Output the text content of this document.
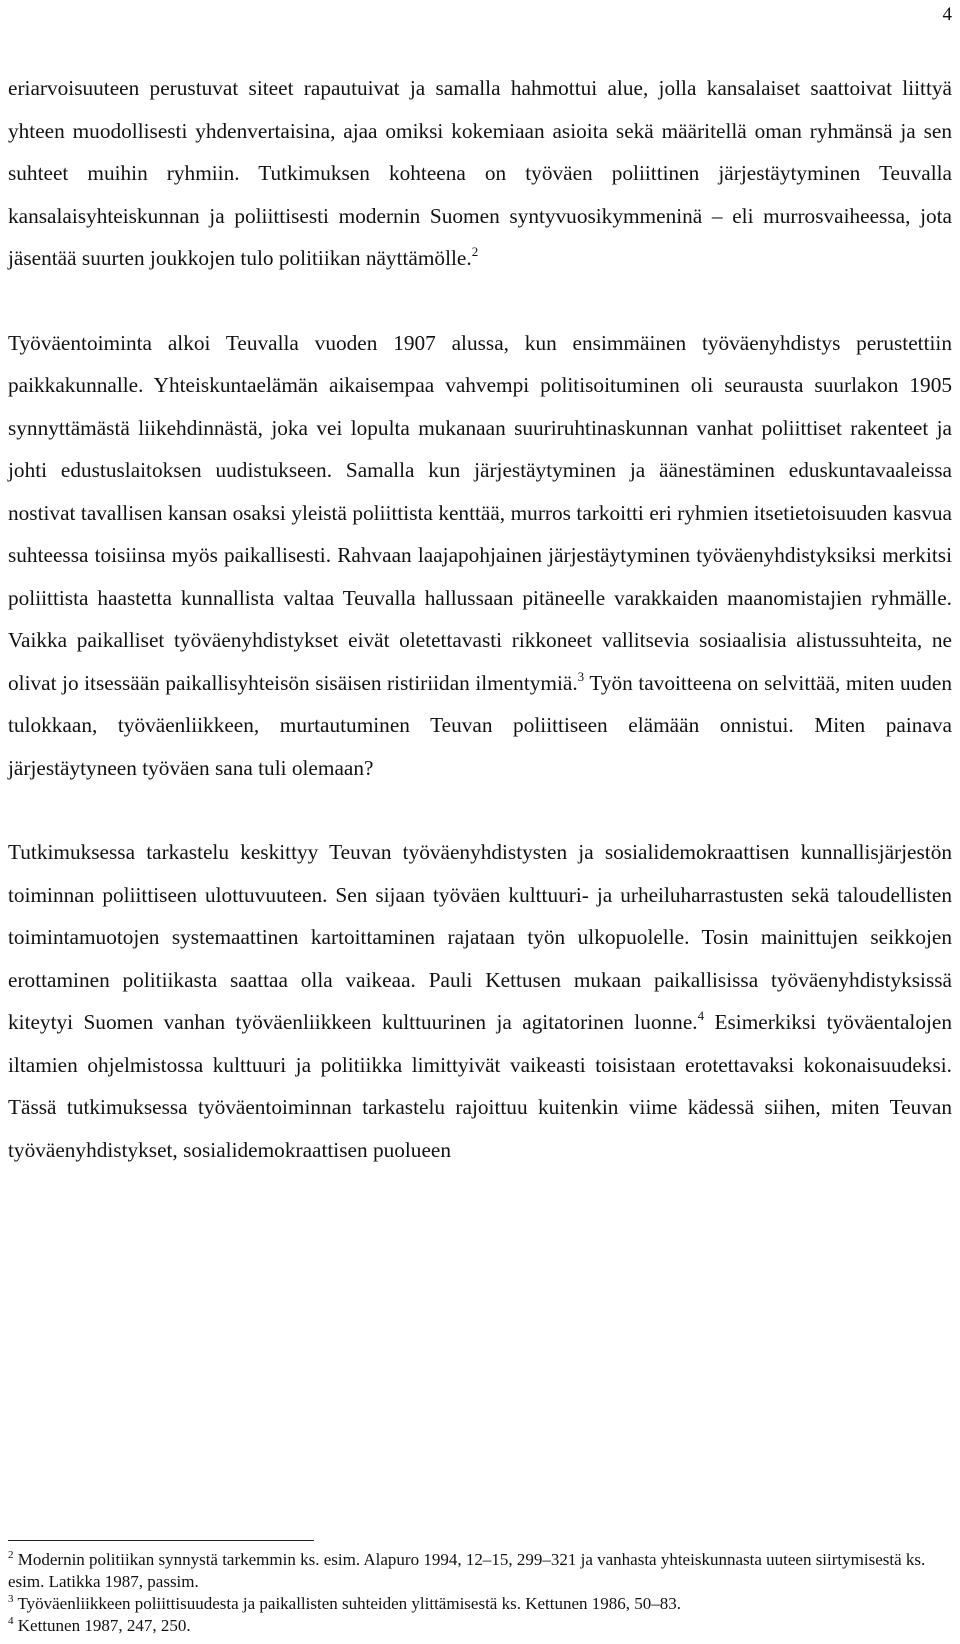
4

eriarvoisuuteen perustuvat siteet rapautuivat ja samalla hahmottui alue, jolla kansalaiset saattoivat liittyä yhteen muodollisesti yhdenvertaisina, ajaa omiksi kokemiaan asioita sekä määritellä oman ryhmänsä ja sen suhteet muihin ryhmiin. Tutkimuksen kohteena on työväen poliittinen järjestäytyminen Teuvalla kansalaisyhteiskunnan ja poliittisesti modernin Suomen syntyvuosikymmeninä – eli murrosvaiheessa, jota jäsentää suurten joukkojen tulo politiikan näyttämölle.$^2$

Työväentoiminta alkoi Teuvalla vuoden 1907 alussa, kun ensimmäinen työväenyhdistys perustettiin paikkakunnalle. Yhteiskuntaelämän aikaisempaa vahvempi politisoituminen oli seurausta suurlakon 1905 synnyttämästä liikehdinnästä, joka vei lopulta mukanaan suuriruhtinaskunnan vanhat poliittiset rakenteet ja johti edustuslaitoksen uudistukseen. Samalla kun järjestäytyminen ja äänestäminen eduskuntavaaleissa nostivat tavallisen kansan osaksi yleistä poliittista kenttää, murros tarkoitti eri ryhmien itsetietoisuuden kasvua suhteessa toisiinsa myös paikallisesti. Rahvaan laajapohjainen järjestäytyminen työväenyhdistyksiksi merkitsi poliittista haastetta kunnallista valtaa Teuvalla hallussaan pitäneelle varakkaiden maanomistajien ryhmälle. Vaikka paikalliset työväenyhdistykset eivät oletettavasti rikkoneet vallitsevia sosiaalisia alistussuhteita, ne olivat jo itsessään paikallisyhteisön sisäisen ristiriidan ilmentymiä.$^3$ Työn tavoitteena on selvittää, miten uuden tulokkaan, työväenliikkeen, murtautuminen Teuvan poliittiseen elämään onnistui. Miten painava järjestäytyneen työväen sana tuli olemaan?

Tutkimuksessa tarkastelu keskittyy Teuvan työväenyhdistysten ja sosialidemokraattisen kunnallisjärjestön toiminnan poliittiseen ulottuvuuteen. Sen sijaan työväen kulttuuri- ja urheiluharrastusten sekä taloudellisten toimintamuotojen systemaattinen kartoittaminen rajataan työn ulkopuolelle. Tosin mainittujen seikkojen erottaminen politiikasta saattaa olla vaikeaa. Pauli Kettusen mukaan paikallisissa työväenyhdistyksissä kiteytyi Suomen vanhan työväenliikkeen kulttuurinen ja agitatorinen luonne.$^4$ Esimerkiksi työväentalojen iltamien ohjelmistossa kulttuuri ja politiikka limittyivät vaikeasti toisistaan erotettavaksi kokonaisuudeksi. Tässä tutkimuksessa työväentoiminnan tarkastelu rajoittuu kuitenkin viime kädessä siihen, miten Teuvan työväenyhdistykset, sosialidemokraattisen puolueen

$^2$ Modernin politiikan synnystä tarkemmin ks. esim. Alapuro 1994, 12–15, 299–321 ja vanhasta yhteiskunnasta uuteen siirtymisestä ks. esim. Latikka 1987, passim.

$^3$ Työväenliikkeen poliittisuudesta ja paikallisten suhteiden ylittämisestä ks. Kettunen 1986, 50–83.

$^4$ Kettunen 1987, 247, 250.
